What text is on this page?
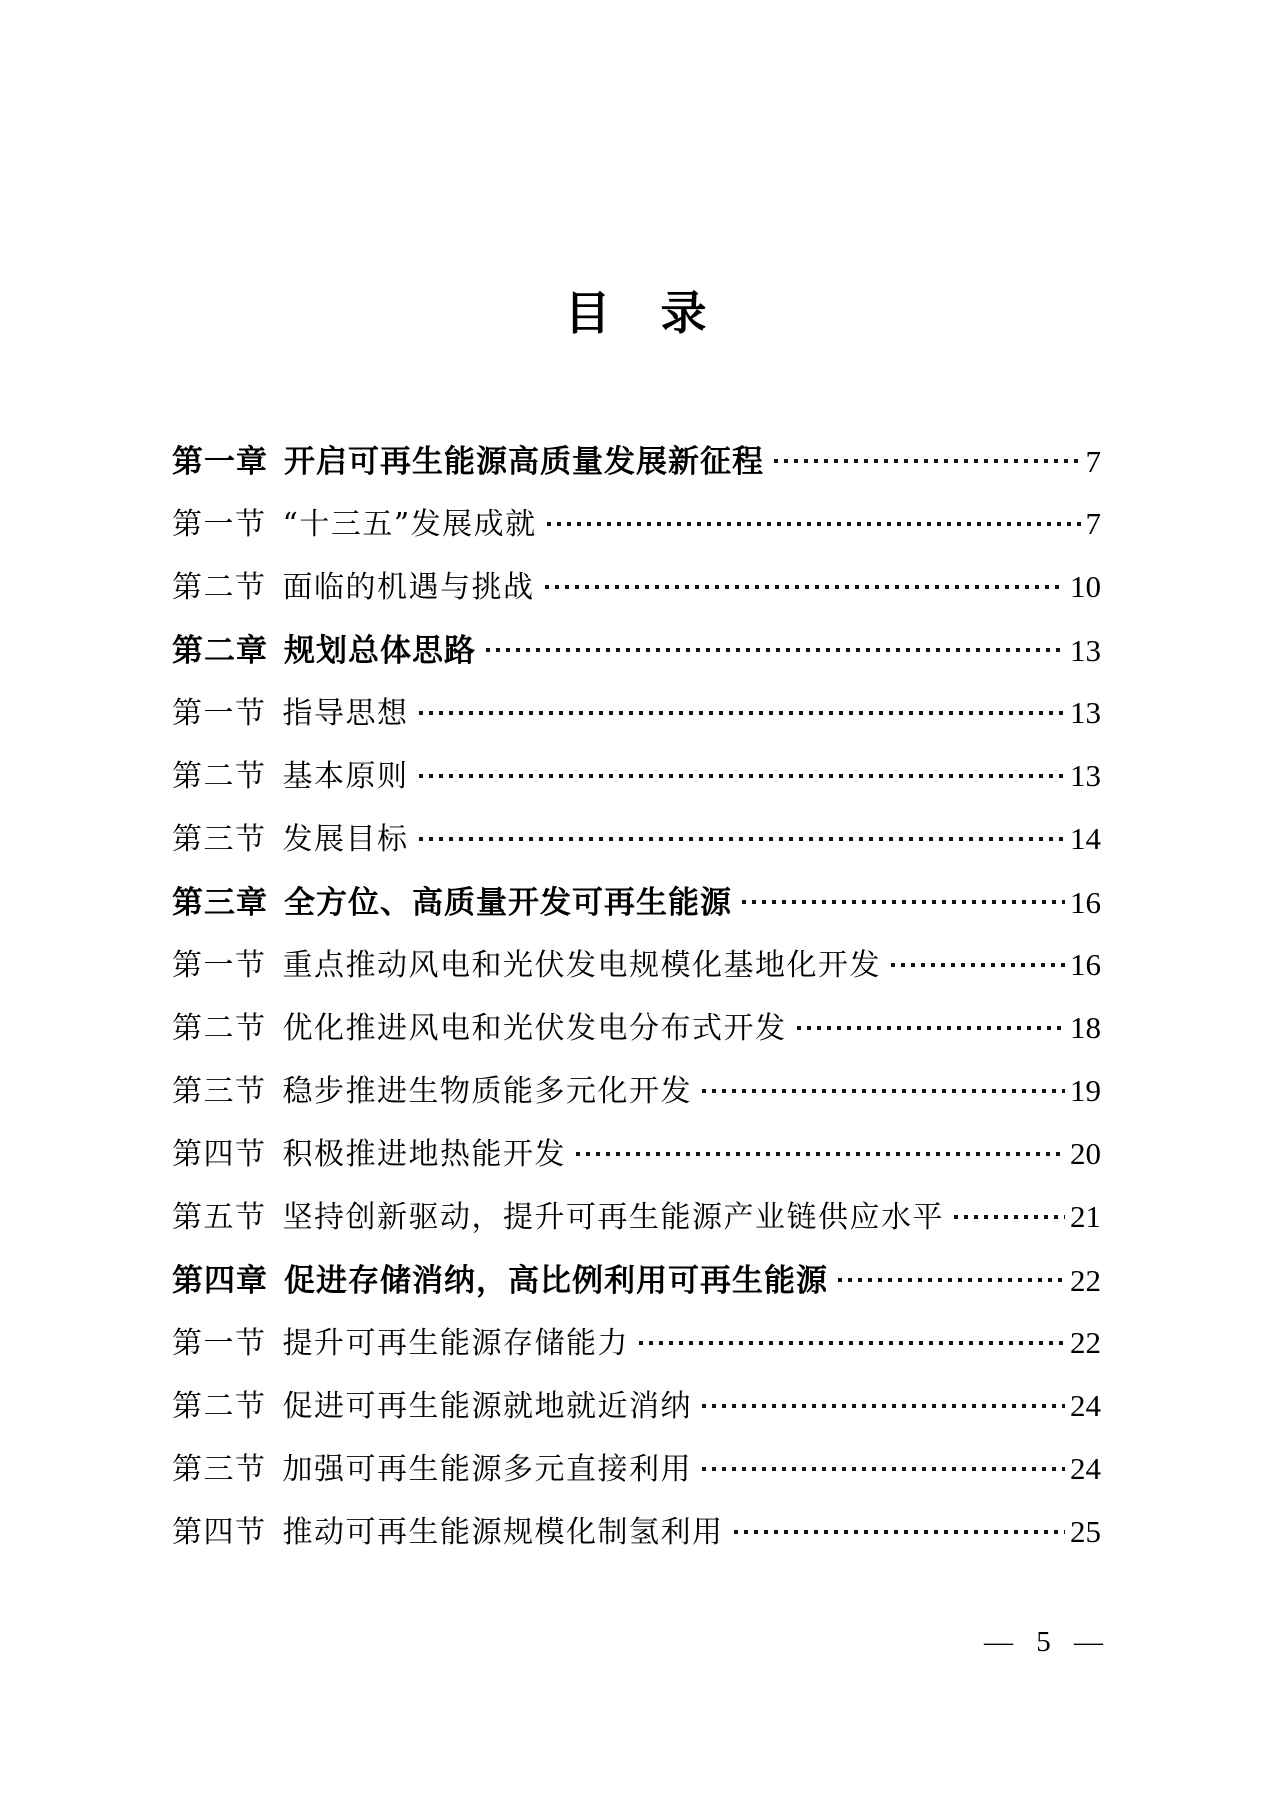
目　录
第一章 开启可再生能源高质量发展新征程	7
第一节 “十三五”发展成就	7
第二节 面临的机遇与挑战	10
第二章 规划总体思路	13
第一节 指导思想	13
第二节 基本原则	13
第三节 发展目标	14
第三章 全方位、高质量开发可再生能源	16
第一节 重点推动风电和光伏发电规模化基地化开发	16
第二节 优化推进风电和光伏发电分布式开发	18
第三节 稳步推进生物质能多元化开发	19
第四节 积极推进地热能开发	20
第五节 坚持创新驱动，提升可再生能源产业链供应水平	21
第四章 促进存储消纳，高比例利用可再生能源	22
第一节 提升可再生能源存储能力	22
第二节 促进可再生能源就地就近消纳	24
第三节 加强可再生能源多元直接利用	24
第四节 推动可再生能源规模化制氢利用	25
— 5 —
